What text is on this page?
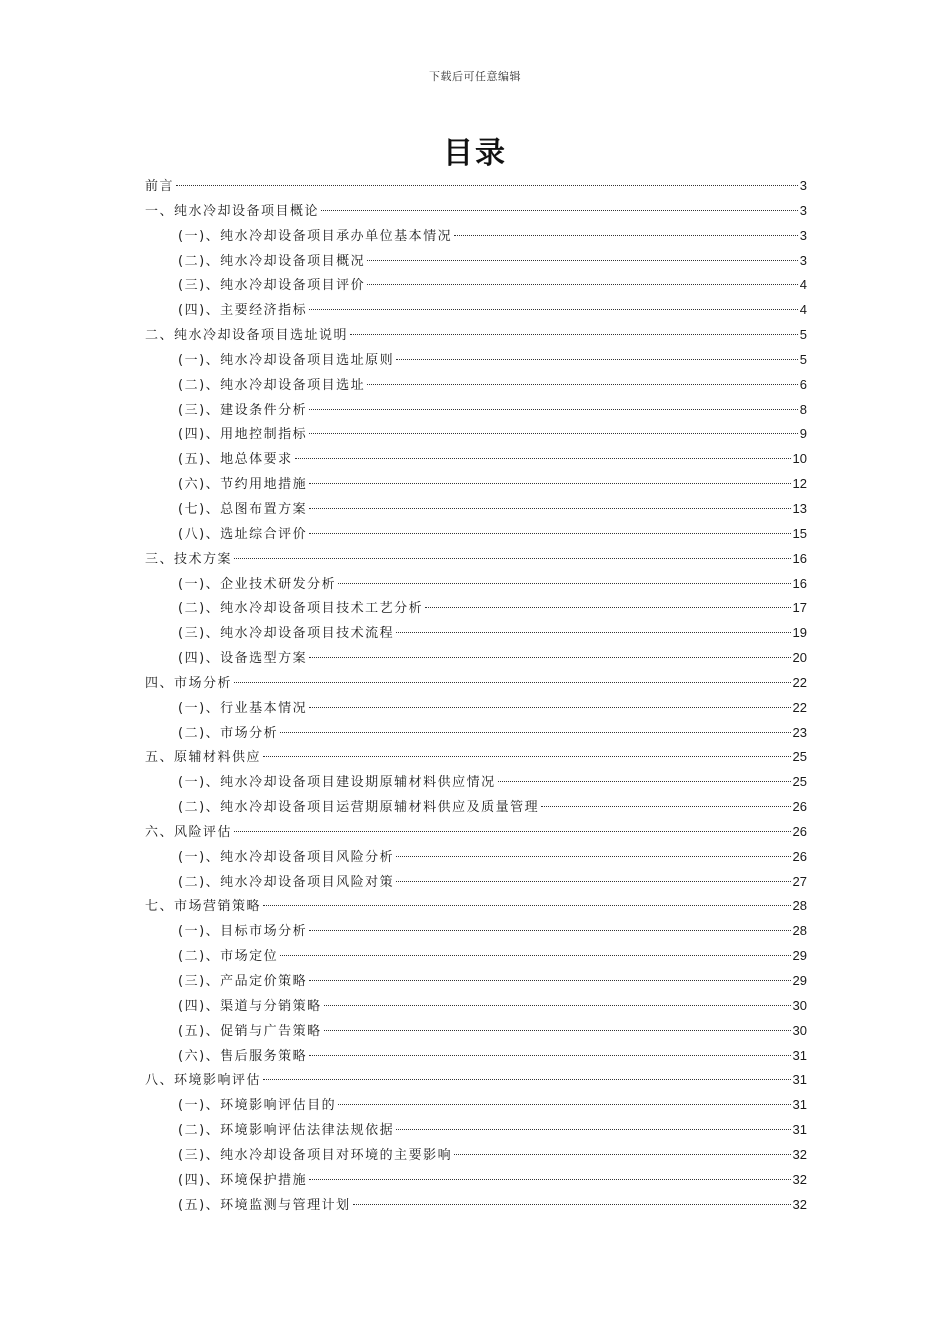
下载后可任意编辑
目录
前言	3
一、纯水冷却设备项目概论	3
(一)、纯水冷却设备项目承办单位基本情况	3
(二)、纯水冷却设备项目概况	3
(三)、纯水冷却设备项目评价	4
(四)、主要经济指标	4
二、纯水冷却设备项目选址说明	5
(一)、纯水冷却设备项目选址原则	5
(二)、纯水冷却设备项目选址	6
(三)、建设条件分析	8
(四)、用地控制指标	9
(五)、地总体要求	10
(六)、节约用地措施	12
(七)、总图布置方案	13
(八)、选址综合评价	15
三、技术方案	16
(一)、企业技术研发分析	16
(二)、纯水冷却设备项目技术工艺分析	17
(三)、纯水冷却设备项目技术流程	19
(四)、设备选型方案	20
四、市场分析	22
(一)、行业基本情况	22
(二)、市场分析	23
五、原辅材料供应	25
(一)、纯水冷却设备项目建设期原辅材料供应情况	25
(二)、纯水冷却设备项目运营期原辅材料供应及质量管理	26
六、风险评估	26
(一)、纯水冷却设备项目风险分析	26
(二)、纯水冷却设备项目风险对策	27
七、市场营销策略	28
(一)、目标市场分析	28
(二)、市场定位	29
(三)、产品定价策略	29
(四)、渠道与分销策略	30
(五)、促销与广告策略	30
(六)、售后服务策略	31
八、环境影响评估	31
(一)、环境影响评估目的	31
(二)、环境影响评估法律法规依据	31
(三)、纯水冷却设备项目对环境的主要影响	32
(四)、环境保护措施	32
(五)、环境监测与管理计划	32
